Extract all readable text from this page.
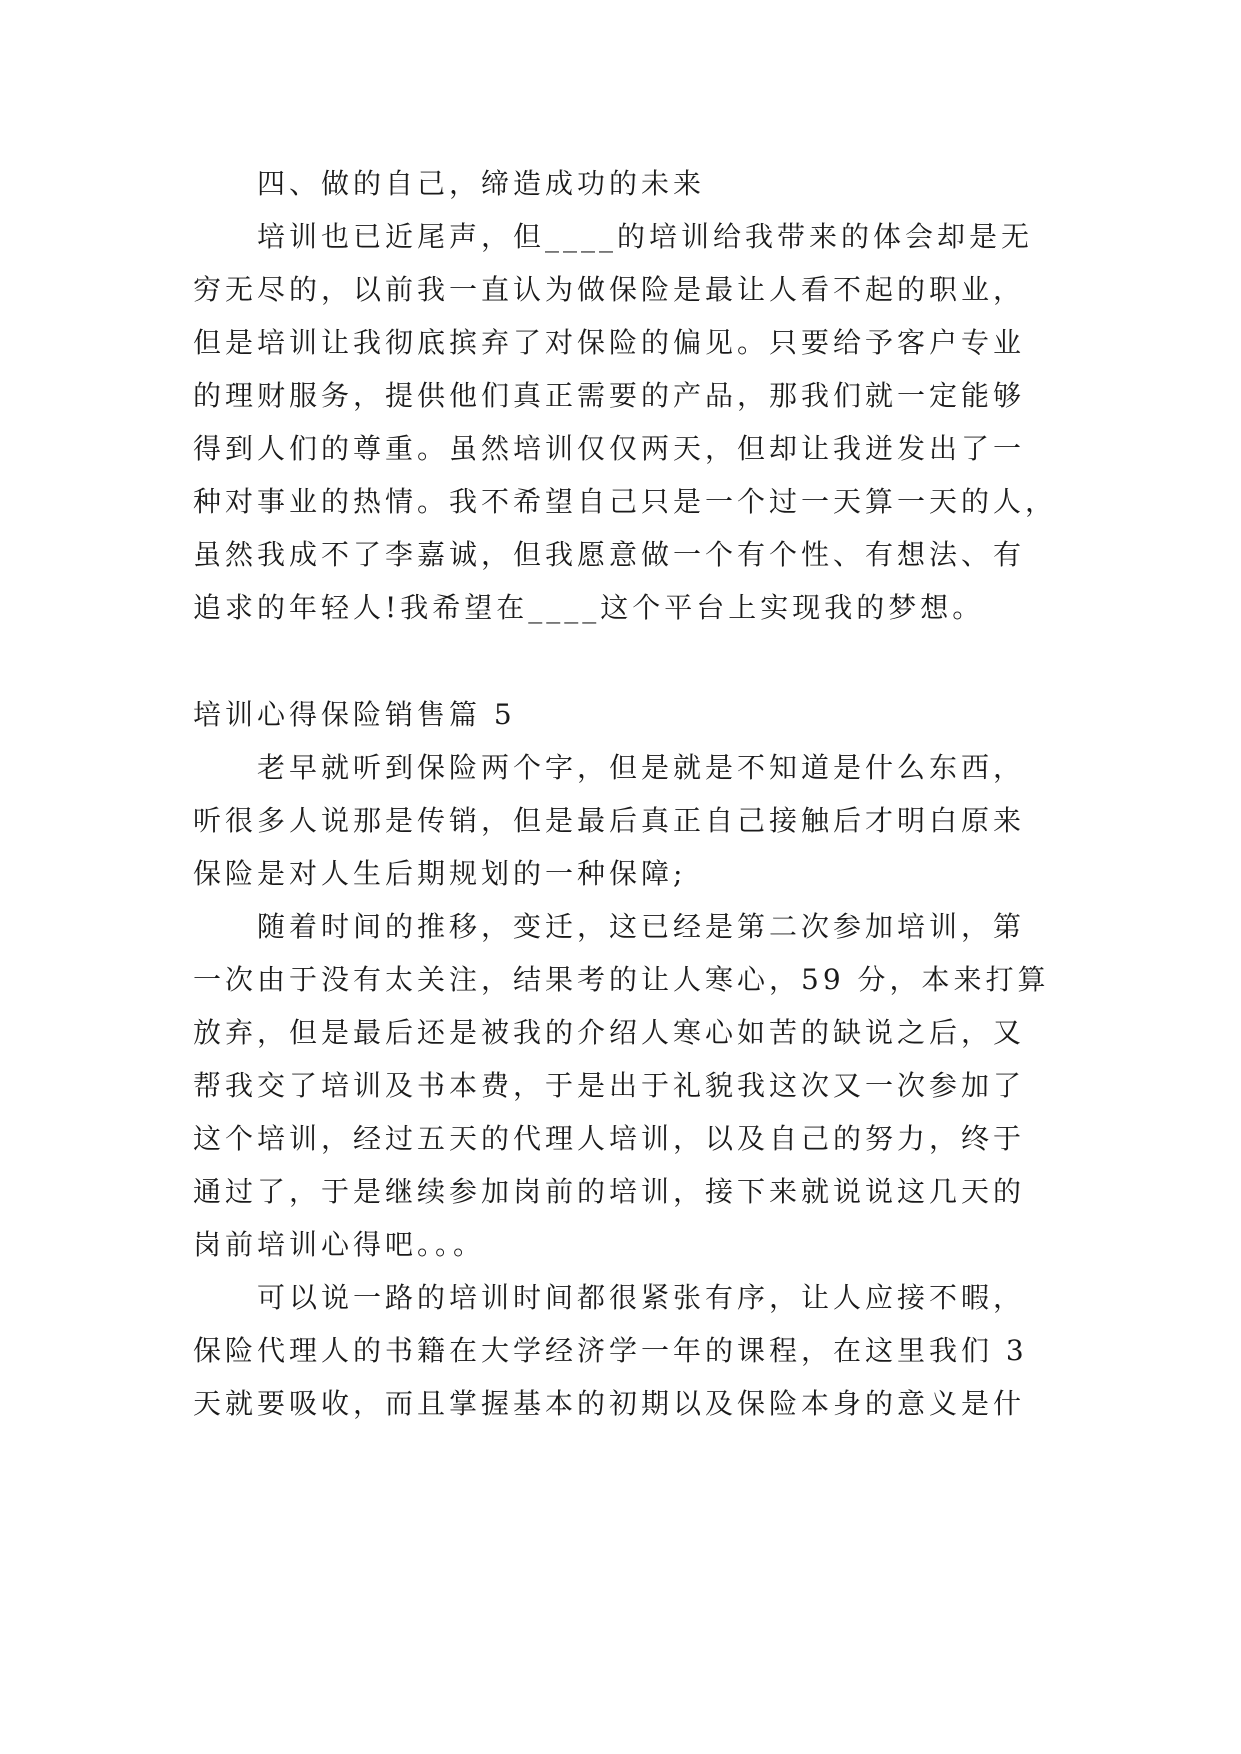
四、做的自己，缔造成功的未来
培训也已近尾声，但____的培训给我带来的体会却是无
穷无尽的，以前我一直认为做保险是最让人看不起的职业，
但是培训让我彻底摈弃了对保险的偏见。只要给予客户专业
的理财服务，提供他们真正需要的产品，那我们就一定能够
得到人们的尊重。虽然培训仅仅两天，但却让我迸发出了一
种对事业的热情。我不希望自己只是一个过一天算一天的人，
虽然我成不了李嘉诚，但我愿意做一个有个性、有想法、有
追求的年轻人!我希望在____这个平台上实现我的梦想。
培训心得保险销售篇 5
老早就听到保险两个字，但是就是不知道是什么东西，
听很多人说那是传销，但是最后真正自己接触后才明白原来
保险是对人生后期规划的一种保障;
随着时间的推移，变迁，这已经是第二次参加培训，第
一次由于没有太关注，结果考的让人寒心，59 分，本来打算
放弃，但是最后还是被我的介绍人寒心如苦的缺说之后，又
帮我交了培训及书本费，于是出于礼貌我这次又一次参加了
这个培训，经过五天的代理人培训，以及自己的努力，终于
通过了，于是继续参加岗前的培训，接下来就说说这几天的
岗前培训心得吧。。。
可以说一路的培训时间都很紧张有序，让人应接不暇，
保险代理人的书籍在大学经济学一年的课程，在这里我们 3
天就要吸收，而且掌握基本的初期以及保险本身的意义是什
